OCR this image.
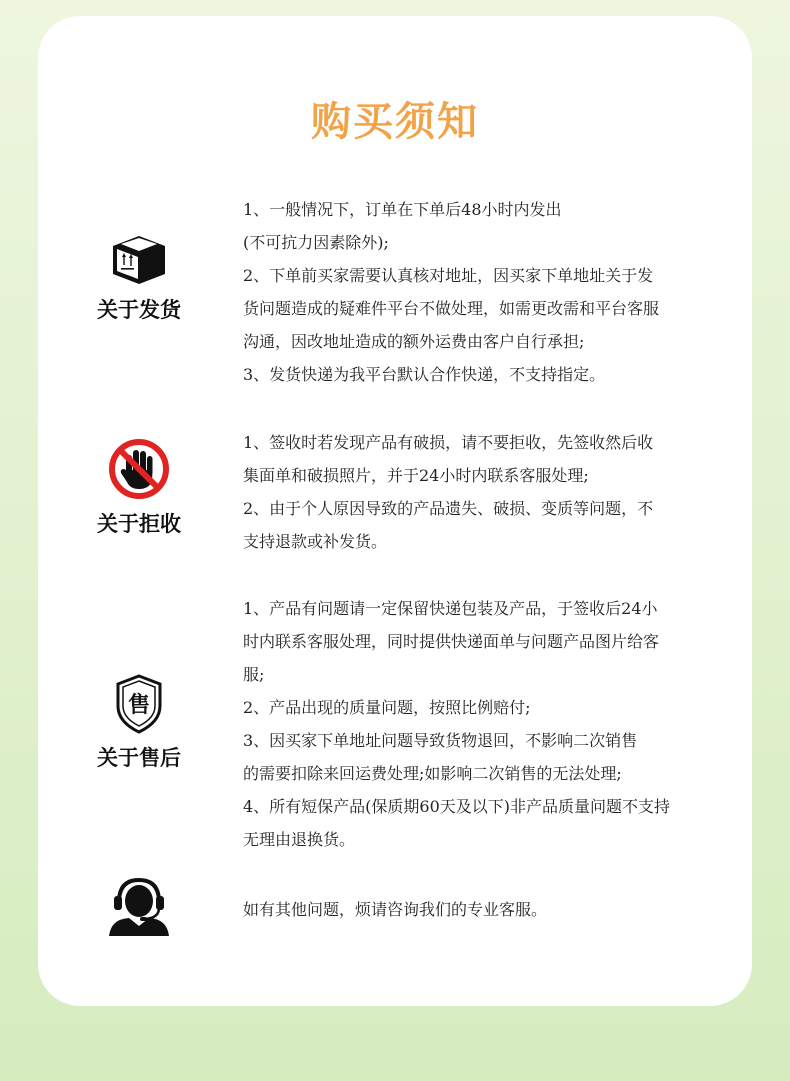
购买须知
关于发货

1、一般情况下，订单在下单后48小时内发出

(不可抗力因素除外);

2、下单前买家需要认真核对地址，因买家下单地址关于发

货问题造成的疑难件平台不做处理，如需更改需和平台客服

沟通，因改地址造成的额外运费由客户自行承担;

3、发货快递为我平台默认合作快递，不支持指定。

关于拒收

1、签收时若发现产品有破损，请不要拒收，先签收然后收

集面单和破损照片，并于24小时内联系客服处理;

2、由于个人原因导致的产品遗失、破损、变质等问题，不

支持退款或补发货。

售
关于售后

1、产品有问题请一定保留快递包装及产品，于签收后24小

时内联系客服处理，同时提供快递面单与问题产品图片给客

服;

2、产品出现的质量问题，按照比例赔付;

3、因买家下单地址问题导致货物退回，不影响二次销售

的需要扣除来回运费处理;如影响二次销售的无法处理;

4、所有短保产品(保质期60天及以下)非产品质量问题不支持

无理由退换货。

如有其他问题，烦请咨询我们的专业客服。
